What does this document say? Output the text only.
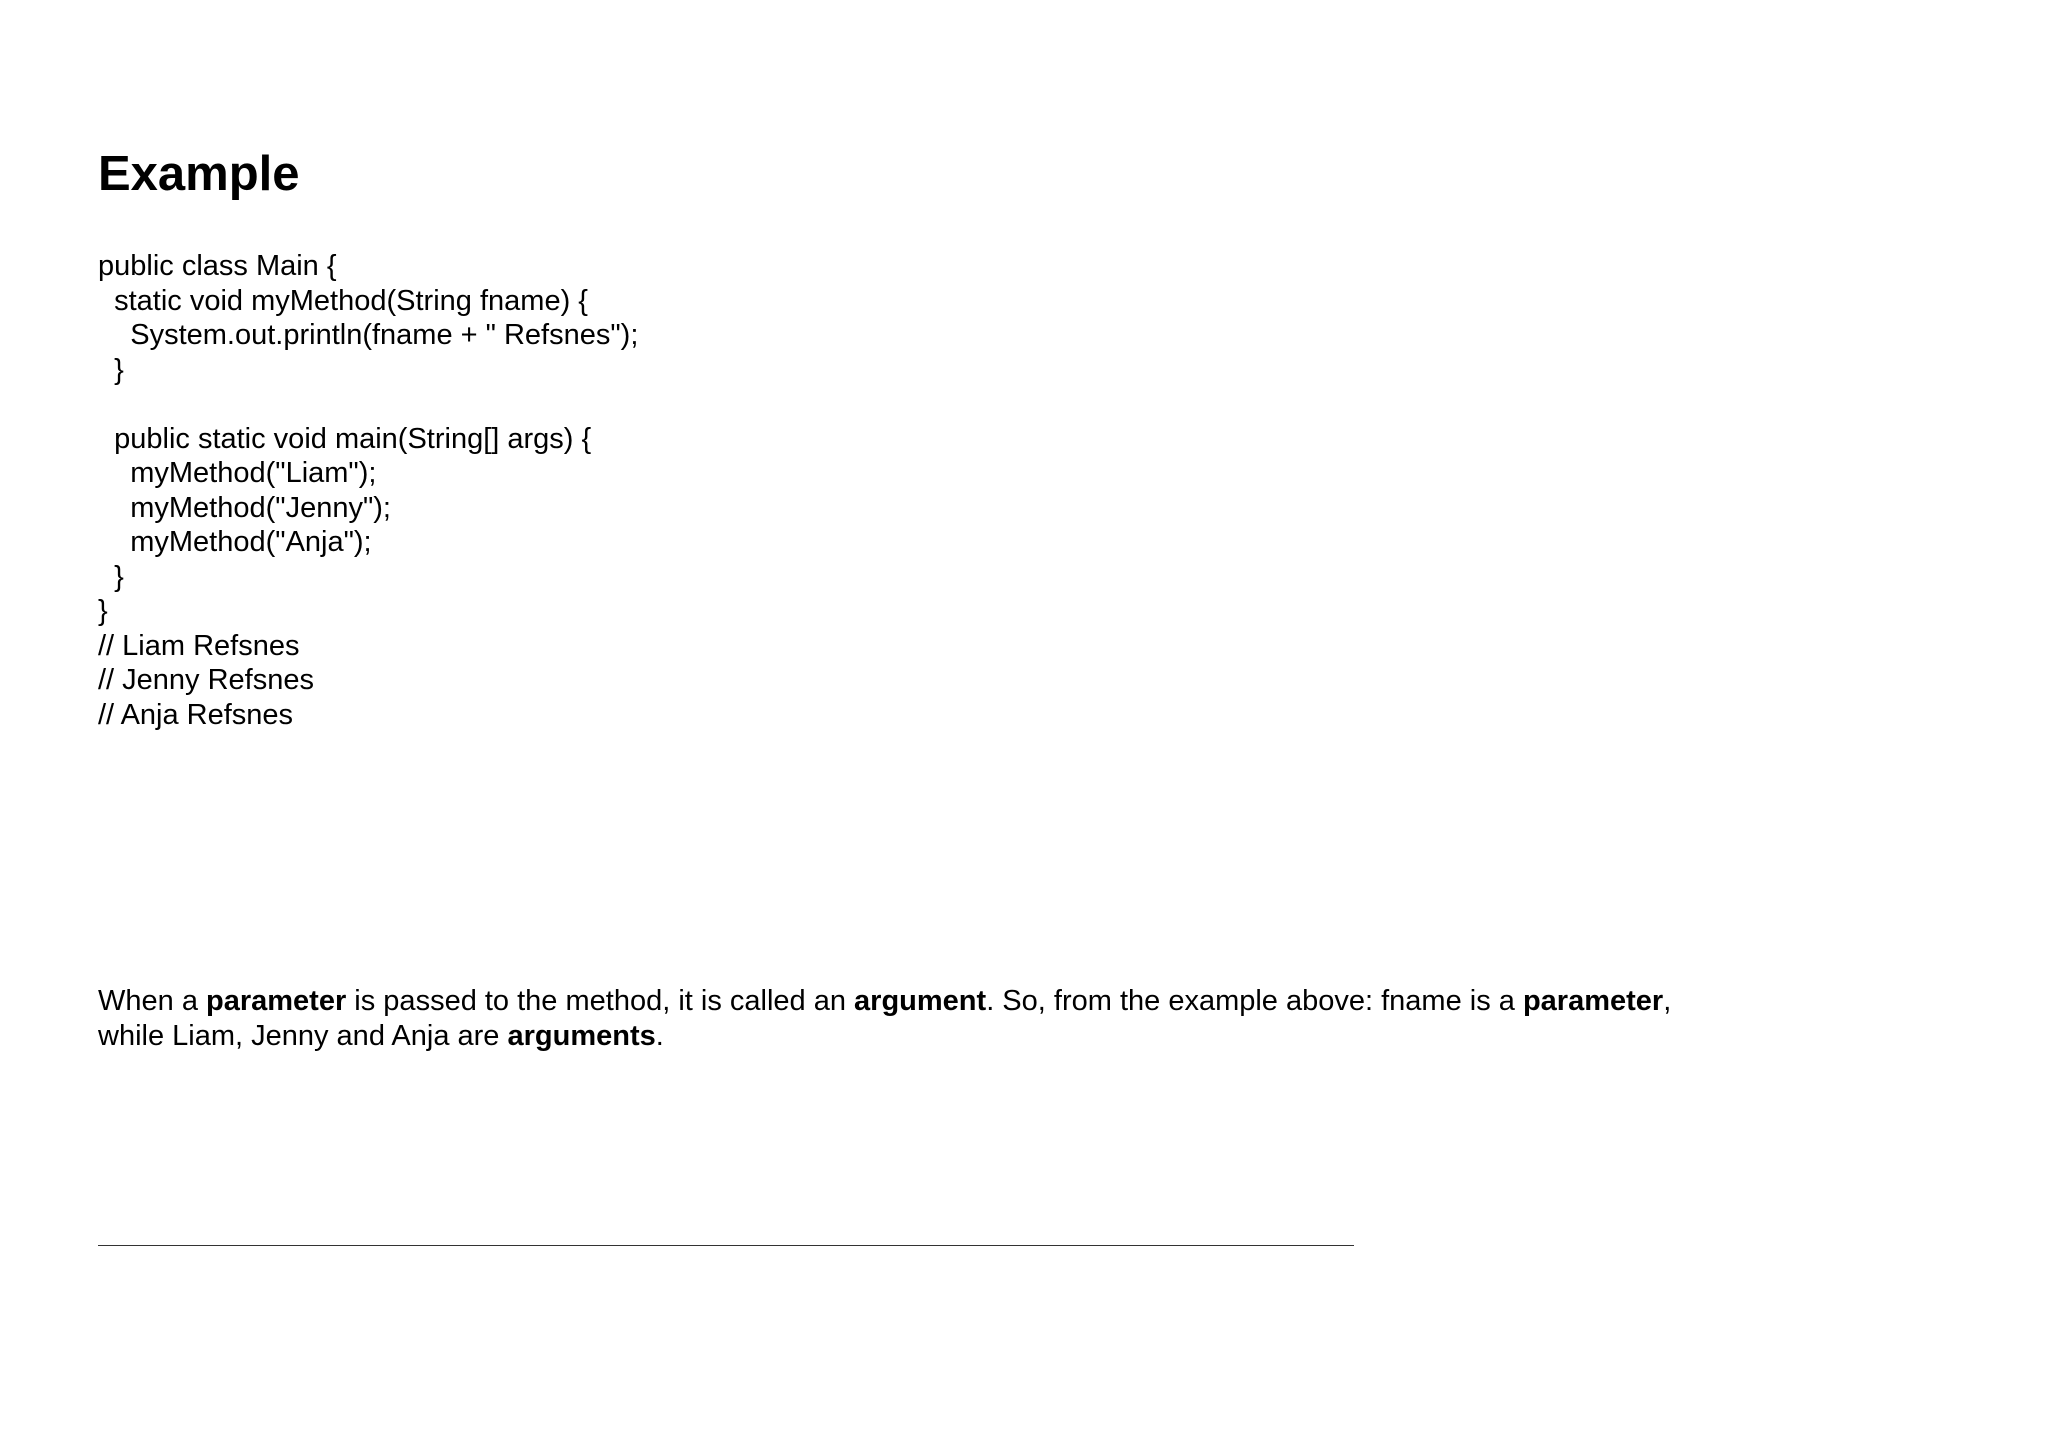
Example
public class Main {
static void myMethod(String fname) {
System.out.println(fname + " Refsnes");
}
public static void main(String[] args) {
myMethod("Liam");
myMethod("Jenny");
myMethod("Anja");
}
}
// Liam Refsnes
// Jenny Refsnes
// Anja Refsnes

When a parameter is passed to the method, it is called an argument. So, from the example above: fname is a parameter, while Liam, Jenny and Anja are arguments.
